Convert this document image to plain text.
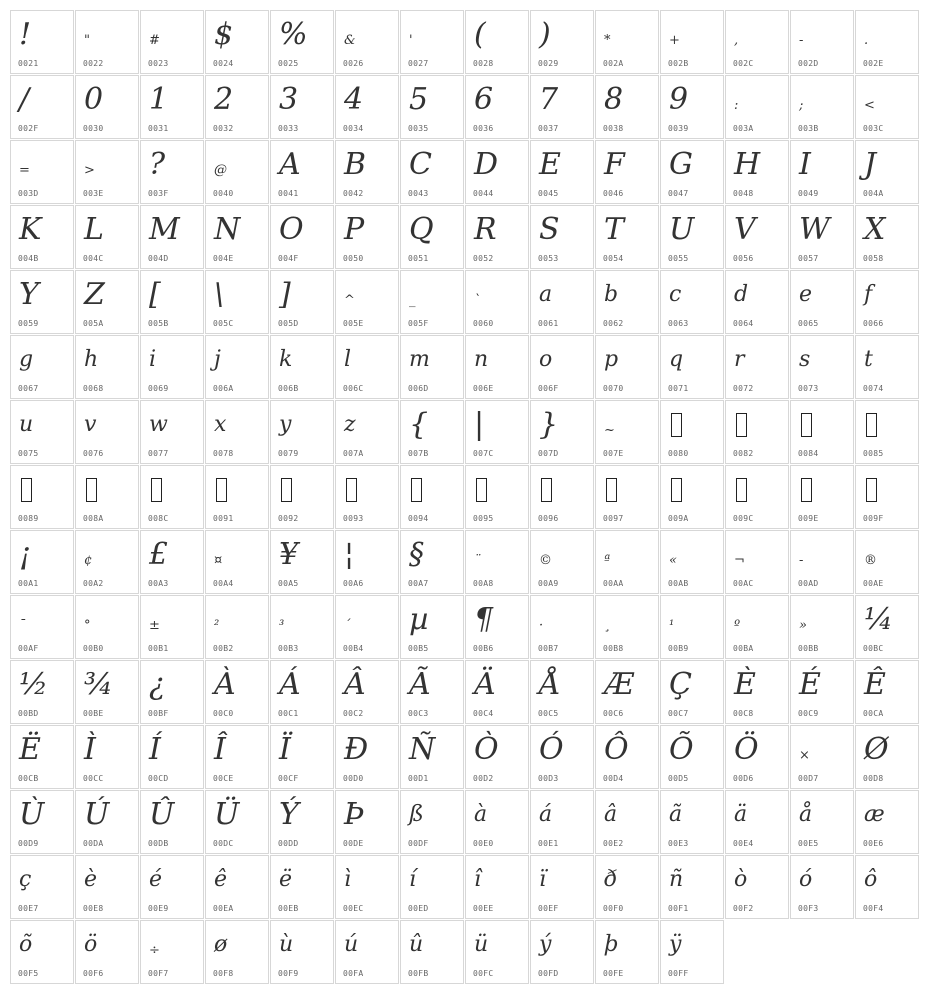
!
0021
"
0022
#
0023
$
0024
%
0025
&
0026
'
0027
(
0028
)
0029
*
002A
+
002B
,
002C
-
002D
.
002E
/
002F
0
0030
1
0031
2
0032
3
0033
4
0034
5
0035
6
0036
7
0037
8
0038
9
0039
:
003A
;
003B
<
003C
=
003D
>
003E
?
003F
@
0040
A
0041
B
0042
C
0043
D
0044
E
0045
F
0046
G
0047
H
0048
I
0049
J
004A
K
004B
L
004C
M
004D
N
004E
O
004F
P
0050
Q
0051
R
0052
S
0053
T
0054
U
0055
V
0056
W
0057
X
0058
Y
0059
Z
005A
[
005B
\
005C
]
005D
^
005E
_
005F
`
0060
a
0061
b
0062
c
0063
d
0064
e
0065
f
0066
g
0067
h
0068
i
0069
j
006A
k
006B
l
006C
m
006D
n
006E
o
006F
p
0070
q
0071
r
0072
s
0073
t
0074
u
0075
v
0076
w
0077
x
0078
y
0079
z
007A
{
007B
|
007C
}
007D
~
007E	0080	0082	0084	0085
0089	008A	008C	0091	0092	0093	0094	0095	0096	0097	009A	009C	009E	009F
¡
00A1
¢
00A2
£
00A3
¤
00A4
¥
00A5
¦
00A6
§
00A7
¨
00A8
©
00A9
ª
00AA
«
00AB
¬
00AC
-
00AD
®
00AE
¯
00AF
°
00B0
±
00B1
²
00B2
³
00B3
´
00B4
µ
00B5
¶
00B6
·
00B7
¸
00B8
¹
00B9
º
00BA
»
00BB
¼
00BC
½
00BD
¾
00BE
¿
00BF
À
00C0
Á
00C1
Â
00C2
Ã
00C3
Ä
00C4
Å
00C5
Æ
00C6
Ç
00C7
È
00C8
É
00C9
Ê
00CA
Ë
00CB
Ì
00CC
Í
00CD
Î
00CE
Ï
00CF
Ð
00D0
Ñ
00D1
Ò
00D2
Ó
00D3
Ô
00D4
Õ
00D5
Ö
00D6
×
00D7
Ø
00D8
Ù
00D9
Ú
00DA
Û
00DB
Ü
00DC
Ý
00DD
Þ
00DE
ß
00DF
à
00E0
á
00E1
â
00E2
ã
00E3
ä
00E4
å
00E5
æ
00E6
ç
00E7
è
00E8
é
00E9
ê
00EA
ë
00EB
ì
00EC
í
00ED
î
00EE
ï
00EF
ð
00F0
ñ
00F1
ò
00F2
ó
00F3
ô
00F4
õ
00F5
ö
00F6
÷
00F7
ø
00F8
ù
00F9
ú
00FA
û
00FB
ü
00FC
ý
00FD
þ
00FE
ÿ
00FF
